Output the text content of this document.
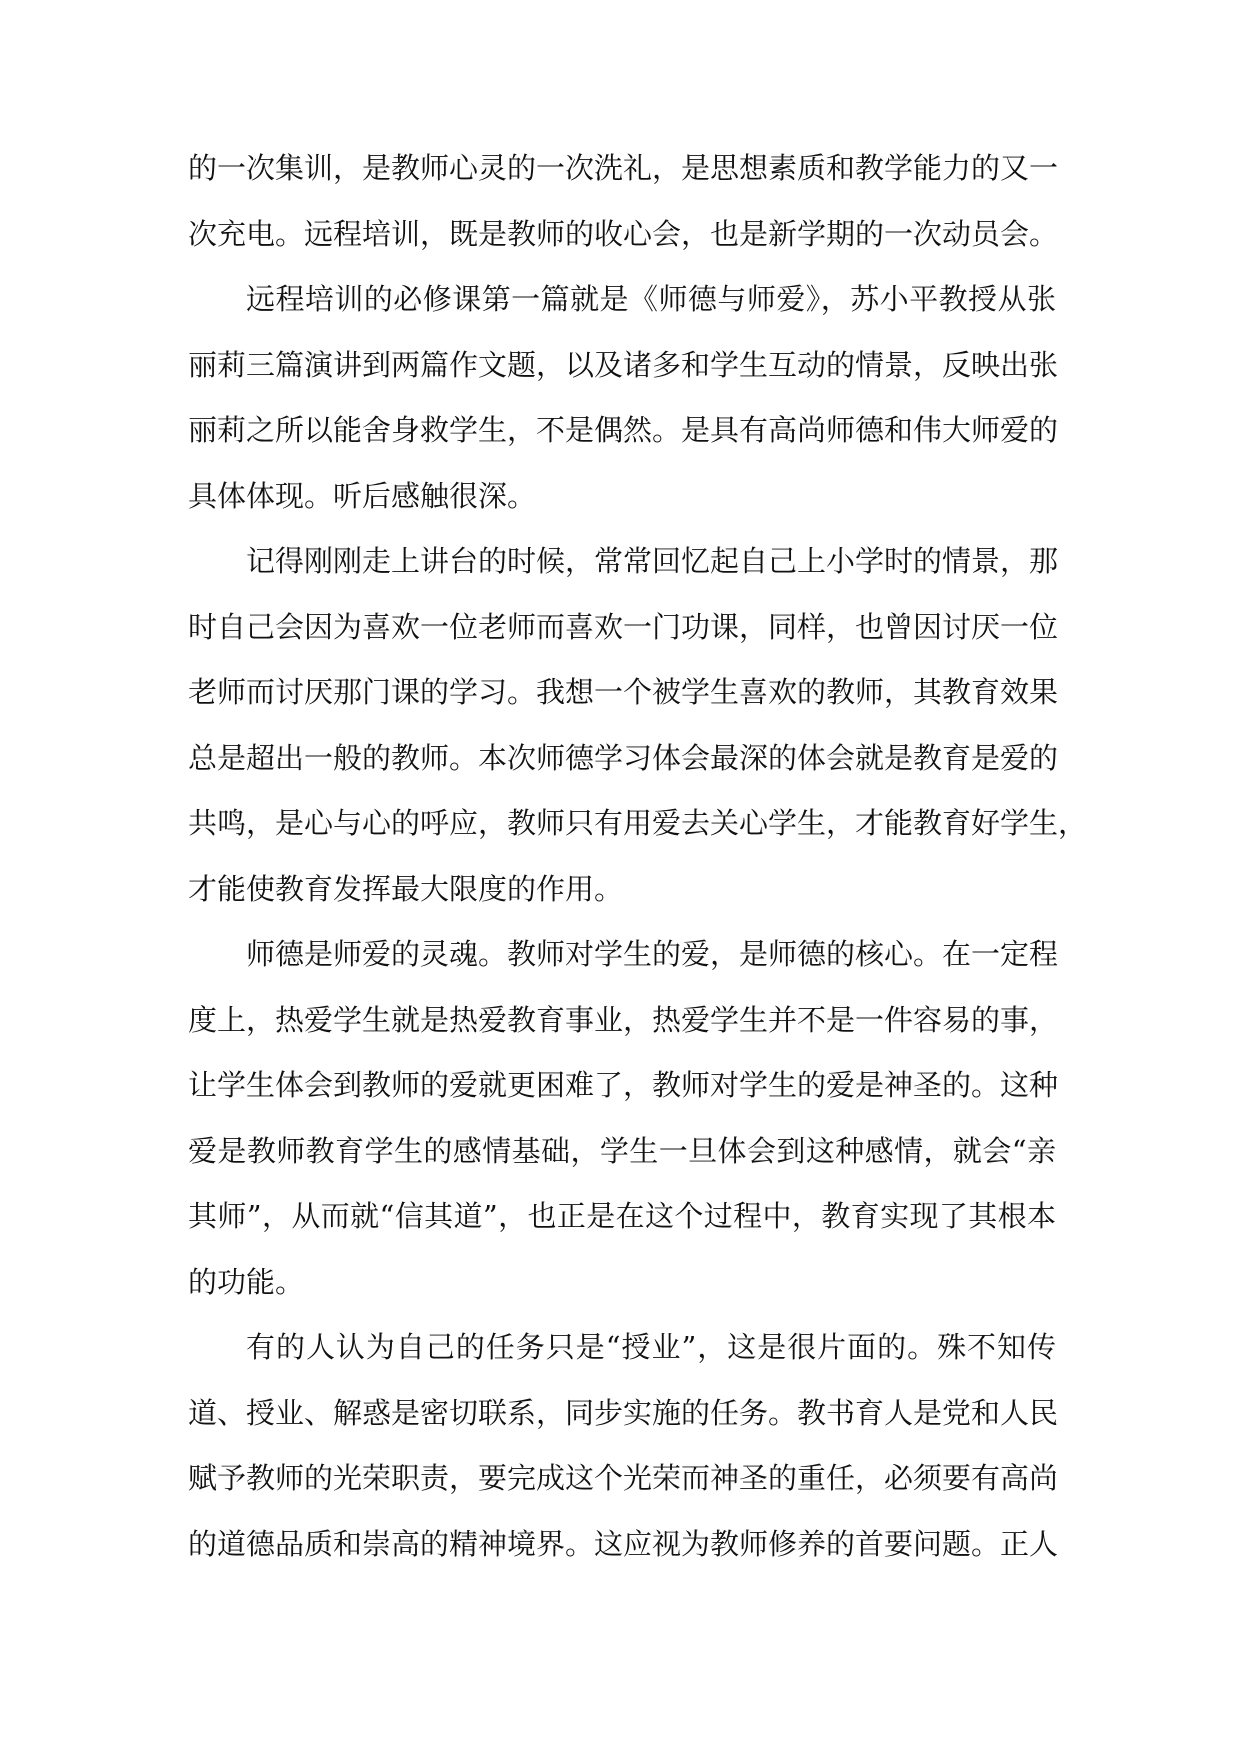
的一次集训，是教师心灵的一次洗礼，是思想素质和教学能力的又一
次充电。远程培训，既是教师的收心会，也是新学期的一次动员会。
远程培训的必修课第一篇就是《师德与师爱》，苏小平教授从张
丽莉三篇演讲到两篇作文题，以及诸多和学生互动的情景，反映出张
丽莉之所以能舍身救学生，不是偶然。是具有高尚师德和伟大师爱的
具体体现。听后感触很深。
记得刚刚走上讲台的时候，常常回忆起自己上小学时的情景，那
时自己会因为喜欢一位老师而喜欢一门功课，同样，也曾因讨厌一位
老师而讨厌那门课的学习。我想一个被学生喜欢的教师，其教育效果
总是超出一般的教师。本次师德学习体会最深的体会就是教育是爱的
共鸣，是心与心的呼应，教师只有用爱去关心学生，才能教育好学生，
才能使教育发挥最大限度的作用。
师德是师爱的灵魂。教师对学生的爱，是师德的核心。在一定程
度上，热爱学生就是热爱教育事业，热爱学生并不是一件容易的事，
让学生体会到教师的爱就更困难了，教师对学生的爱是神圣的。这种
爱是教师教育学生的感情基础，学生一旦体会到这种感情，就会“亲
其师”，从而就“信其道”，也正是在这个过程中，教育实现了其根本
的功能。
有的人认为自己的任务只是“授业”，这是很片面的。殊不知传
道、授业、解惑是密切联系，同步实施的任务。教书育人是党和人民
赋予教师的光荣职责，要完成这个光荣而神圣的重任，必须要有高尚
的道德品质和崇高的精神境界。这应视为教师修养的首要问题。正人
